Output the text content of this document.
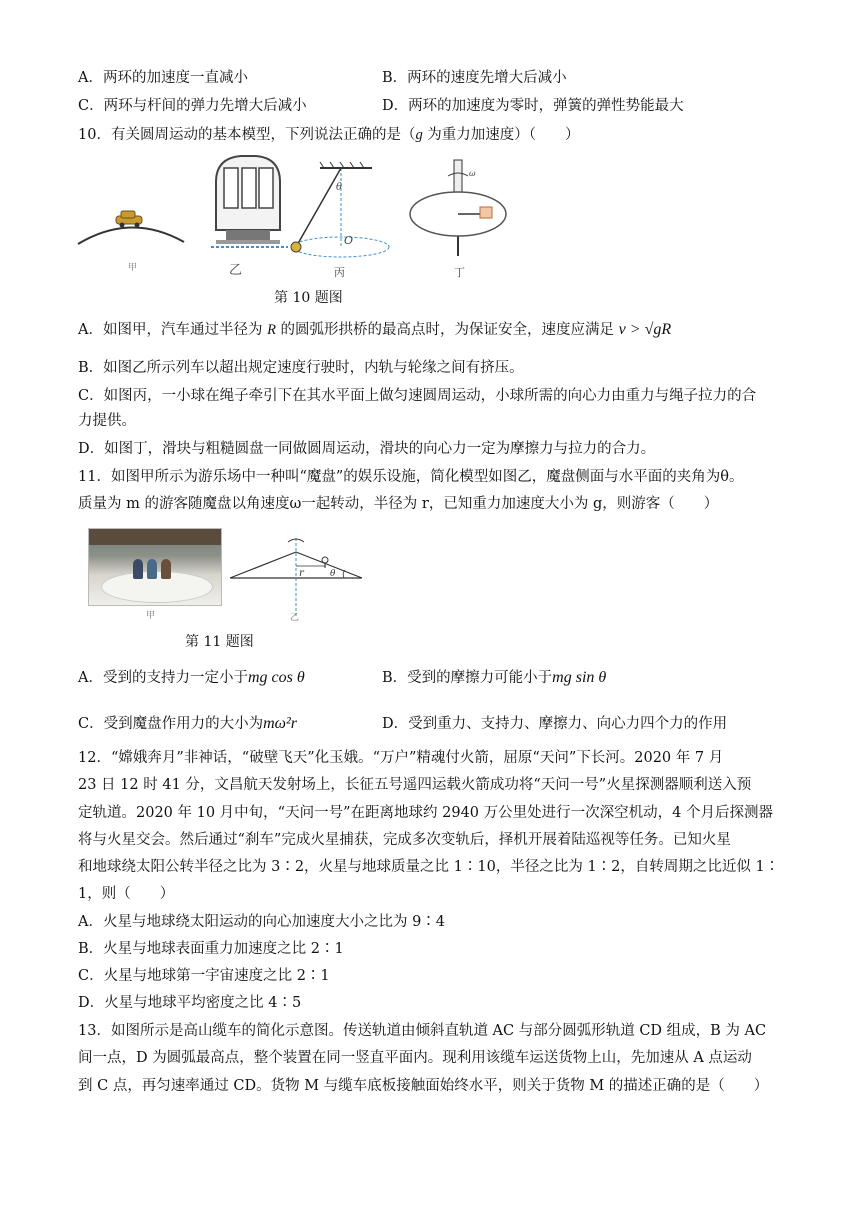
A．两环的加速度一直减小	B．两环的速度先增大后减小
C．两环与杆间的弹力先增大后减小	D．两环的加速度为零时，弹簧的弹性势能最大
10．有关圆周运动的基本模型，下列说法正确的是（g 为重力加速度）（　　）
甲	乙
θ
O
丙
ω
丁
第 10 题图
A．如图甲，汽车通过半径为 R 的圆弧形拱桥的最高点时，为保证安全，速度应满足 v > √gR
B．如图乙所示列车以超出规定速度行驶时，内轨与轮缘之间有挤压。
C．如图丙，一小球在绳子牵引下在其水平面上做匀速圆周运动，小球所需的向心力由重力与绳子拉力的合
力提供。
D．如图丁，滑块与粗糙圆盘一同做圆周运动，滑块的向心力一定为摩擦力与拉力的合力。
11．如图甲所示为游乐场中一种叫“魔盘”的娱乐设施，简化模型如图乙，魔盘侧面与水平面的夹角为θ。
质量为 m 的游客随魔盘以角速度ω一起转动，半径为 r，已知重力加速度大小为 g，则游客（　　）
甲
r	θ
乙
第 11 题图
A．受到的支持力一定小于mg cos θ	B．受到的摩擦力可能小于mg sin θ
C．受到魔盘作用力的大小为mω²r	D．受到重力、支持力、摩擦力、向心力四个力的作用
12．“嫦娥奔月”非神话，“破壁飞天”化玉娥。“万户”精魂付火箭，屈原“天问”下长河。2020 年 7 月
23 日 12 时 41 分，文昌航天发射场上，长征五号遥四运载火箭成功将“天问一号”火星探测器顺利送入预
定轨道。2020 年 10 月中旬，“天问一号”在距离地球约 2940 万公里处进行一次深空机动，4 个月后探测器
将与火星交会。然后通过“刹车”完成火星捕获，完成多次变轨后，择机开展着陆巡视等任务。已知火星
和地球绕太阳公转半径之比为 3∶2，火星与地球质量之比 1∶10，半径之比为 1∶2，自转周期之比近似 1∶
1，则（　　）
A．火星与地球绕太阳运动的向心加速度大小之比为 9∶4
B．火星与地球表面重力加速度之比 2∶1
C．火星与地球第一宇宙速度之比 2∶1
D．火星与地球平均密度之比 4∶5
13．如图所示是高山缆车的简化示意图。传送轨道由倾斜直轨道 AC 与部分圆弧形轨道 CD 组成，B 为 AC
间一点，D 为圆弧最高点，整个装置在同一竖直平面内。现利用该缆车运送货物上山，先加速从 A 点运动
到 C 点，再匀速率通过 CD。货物 M 与缆车底板接触面始终水平，则关于货物 M 的描述正确的是（　　）
